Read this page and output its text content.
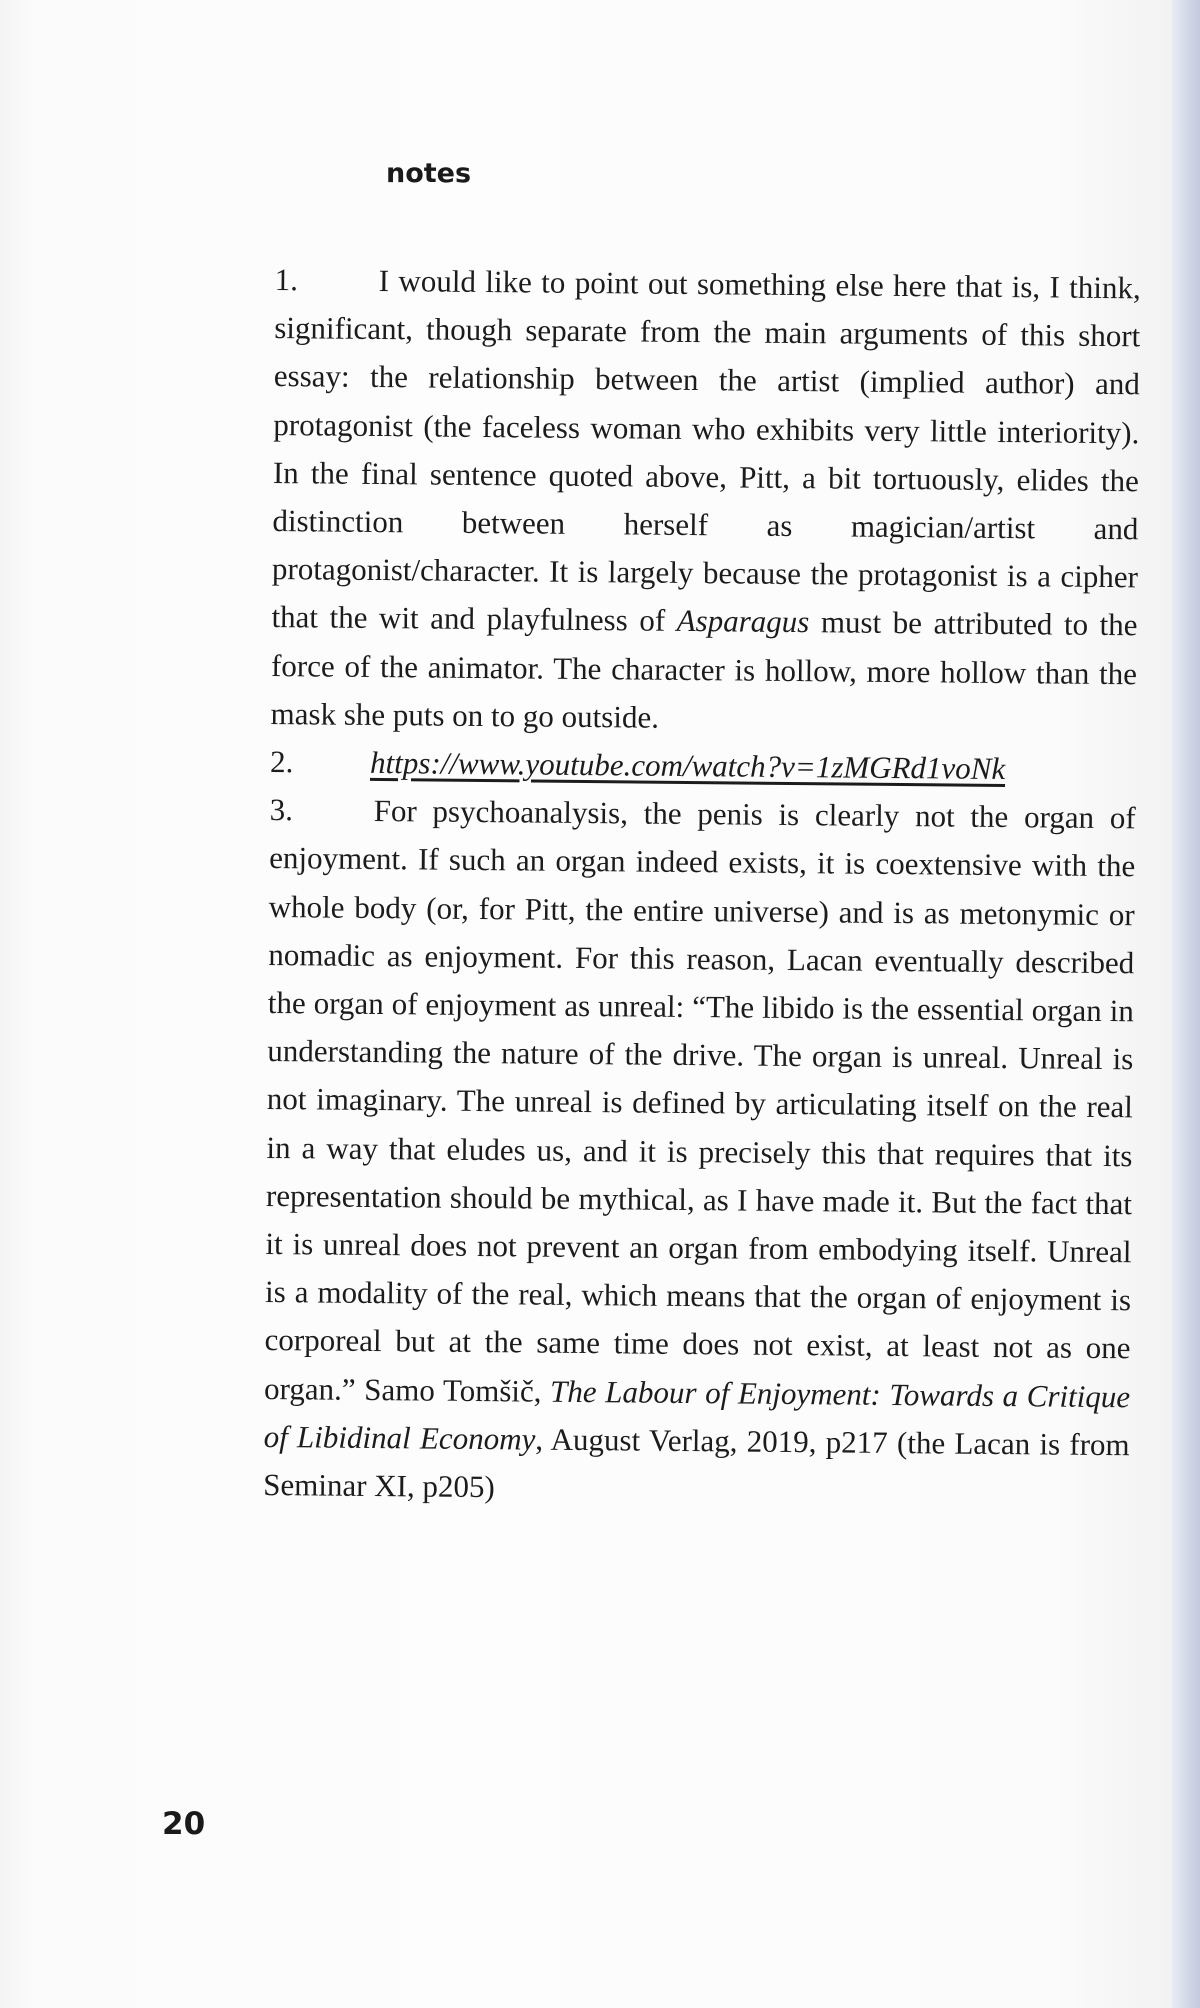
notes

1.	I would like to point out something else here that is, I think, significant, though separate from the main arguments of this short essay: the relationship between the artist (implied author) and protagonist (the faceless woman who exhibits very little interiority). In the final sentence quoted above, Pitt, a bit tortuously, elides the distinction between herself as magician/artist and protagonist/character. It is largely because the protagonist is a cipher that the wit and playfulness of Asparagus must be attributed to the force of the animator. The character is hollow, more hollow than the mask she puts on to go outside.

2. https://www.youtube.com/watch?v=1zMGRd1voNk

3.	For psychoanalysis, the penis is clearly not the organ of enjoyment. If such an organ indeed exists, it is coextensive with the whole body (or, for Pitt, the entire universe) and is as metonymic or nomadic as enjoyment. For this reason, Lacan eventually described the organ of enjoyment as unreal: “The libido is the essential organ in understanding the nature of the drive. The organ is unreal. Unreal is not imaginary. The unreal is defined by articulating itself on the real in a way that eludes us, and it is precisely this that requires that its representation should be mythical, as I have made it. But the fact that it is unreal does not prevent an organ from embodying itself. Unreal is a modality of the real, which means that the organ of enjoyment is corporeal but at the same time does not exist, at least not as one organ.” Samo Tomšič, The Labour of Enjoyment: Towards a Critique of Libidinal Economy, August Verlag, 2019, p217 (the Lacan is from Seminar XI, p205)

20
